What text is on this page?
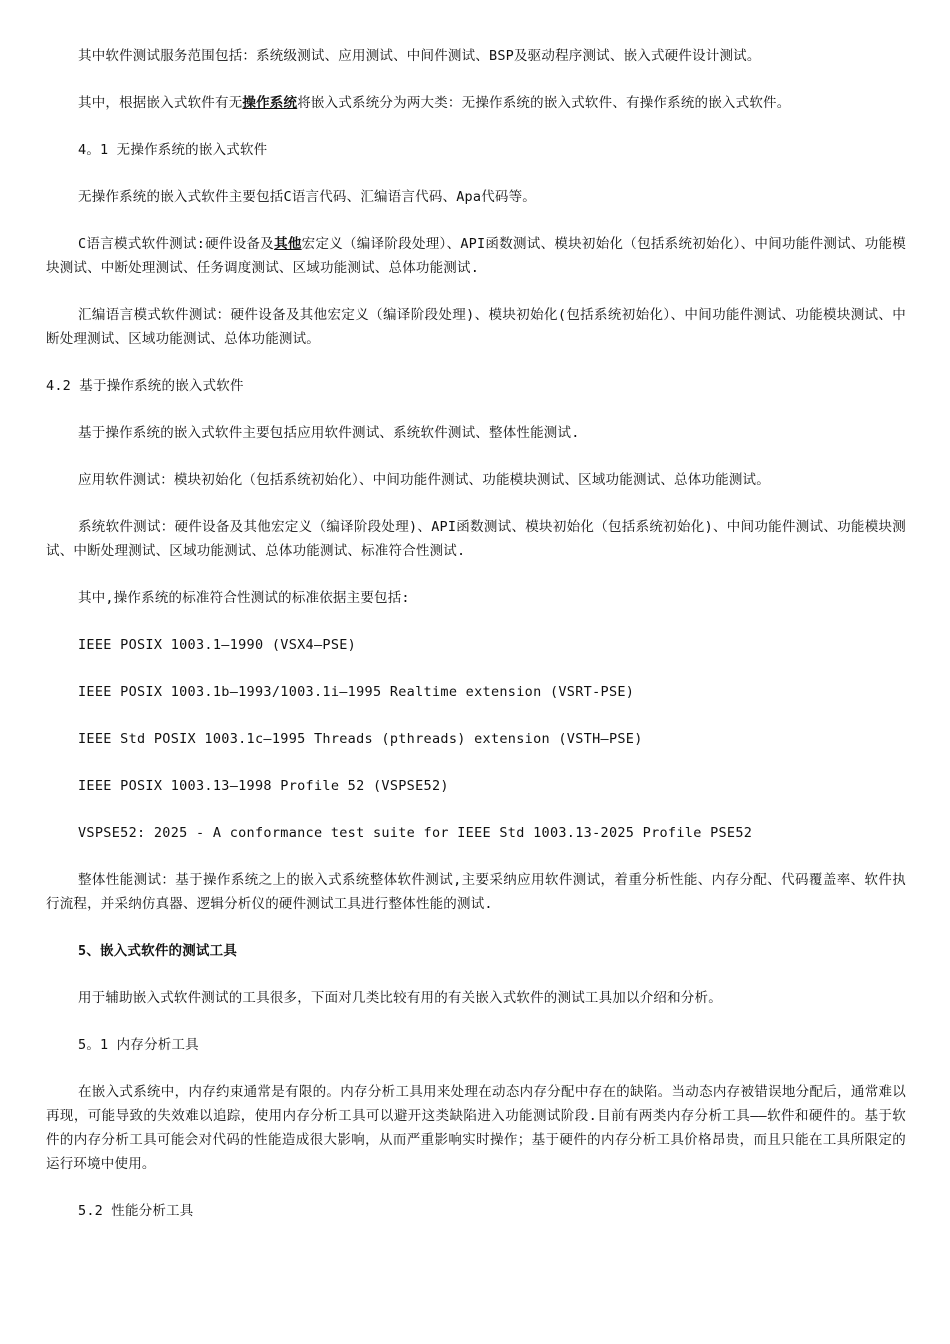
其中软件测试服务范围包括：系统级测试、应用测试、中间件测试、BSP及驱动程序测试、嵌入式硬件设计测试。

其中，根据嵌入式软件有无操作系统将嵌入式系统分为两大类：无操作系统的嵌入式软件、有操作系统的嵌入式软件。

4。1 无操作系统的嵌入式软件

无操作系统的嵌入式软件主要包括C语言代码、汇编语言代码、Apa代码等。

C语言模式软件测试:硬件设备及其他宏定义（编译阶段处理）、API函数测试、模块初始化（包括系统初始化）、中间功能件测试、功能模块测试、中断处理测试、任务调度测试、区域功能测试、总体功能测试.

汇编语言模式软件测试：硬件设备及其他宏定义（编译阶段处理)、模块初始化(包括系统初始化）、中间功能件测试、功能模块测试、中断处理测试、区域功能测试、总体功能测试。

4.2 基于操作系统的嵌入式软件

基于操作系统的嵌入式软件主要包括应用软件测试、系统软件测试、整体性能测试.

应用软件测试：模块初始化（包括系统初始化）、中间功能件测试、功能模块测试、区域功能测试、总体功能测试。

系统软件测试：硬件设备及其他宏定义（编译阶段处理)、API函数测试、模块初始化（包括系统初始化)、中间功能件测试、功能模块测试、中断处理测试、区域功能测试、总体功能测试、标准符合性测试.

其中,操作系统的标准符合性测试的标准依据主要包括:

IEEE POSIX 1003.1—1990 (VSX4—PSE)

IEEE POSIX 1003.1b—1993/1003.1i—1995 Realtime extension (VSRT-PSE)

IEEE Std POSIX 1003.1c—1995 Threads (pthreads) extension (VSTH—PSE)

IEEE POSIX 1003.13—1998 Profile 52 (VSPSE52)

VSPSE52: 2025 - A conformance test suite for IEEE Std 1003.13-2025 Profile PSE52

整体性能测试：基于操作系统之上的嵌入式系统整体软件测试,主要采纳应用软件测试，着重分析性能、内存分配、代码覆盖率、软件执行流程，并采纳仿真器、逻辑分析仪的硬件测试工具进行整体性能的测试.

5、嵌入式软件的测试工具

用于辅助嵌入式软件测试的工具很多，下面对几类比较有用的有关嵌入式软件的测试工具加以介绍和分析。

5。1 内存分析工具

在嵌入式系统中，内存约束通常是有限的。内存分析工具用来处理在动态内存分配中存在的缺陷。当动态内存被错误地分配后，通常难以再现，可能导致的失效难以追踪，使用内存分析工具可以避开这类缺陷进入功能测试阶段.目前有两类内存分析工具——软件和硬件的。基于软件的内存分析工具可能会对代码的性能造成很大影响，从而严重影响实时操作；基于硬件的内存分析工具价格昂贵，而且只能在工具所限定的运行环境中使用。

5.2 性能分析工具
